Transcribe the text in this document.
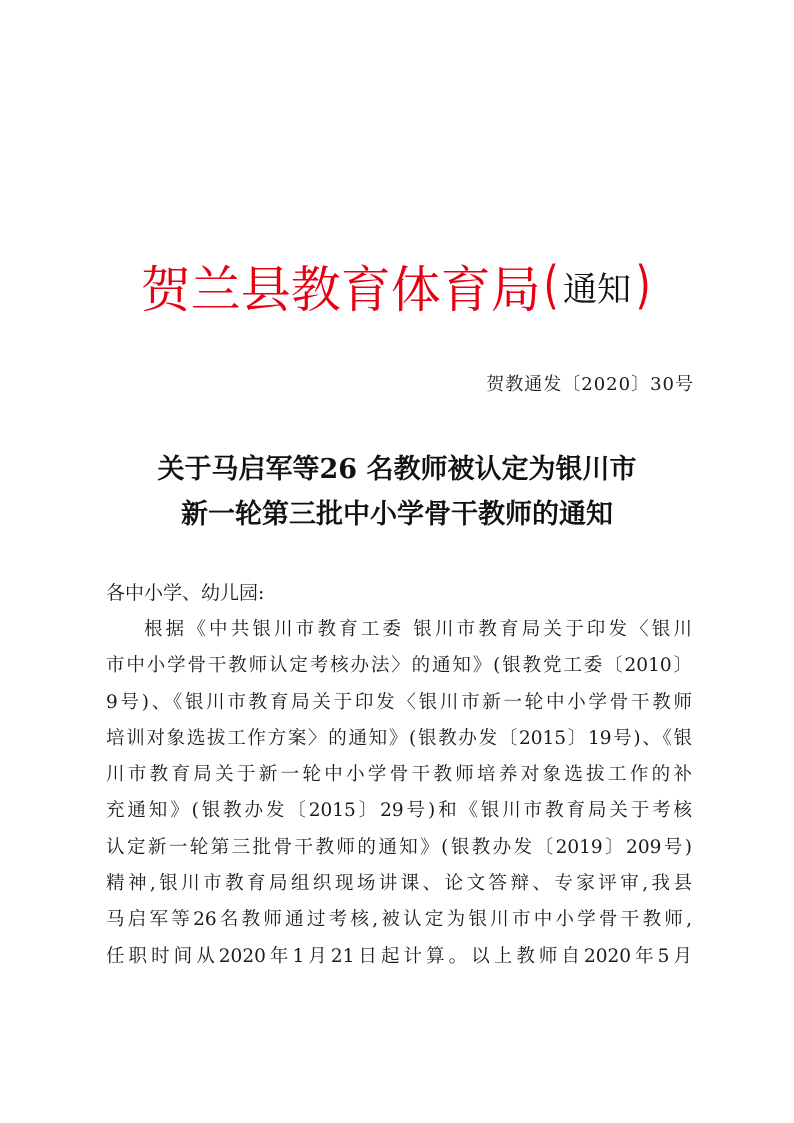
贺兰县教育体育局( 通知)
贺教通发〔2020〕30号
关于马启军等26 名教师被认定为银川市
新一轮第三批中小学骨干教师的通知
各中小学、幼儿园:
根据《中共银川市教育工委 银川市教育局关于印发〈银川
市中小学骨干教师认定考核办法〉的通知》(银教党工委〔2010〕
9号)、《银川市教育局关于印发〈银川市新一轮中小学骨干教师
培训对象选拔工作方案〉的通知》(银教办发〔2015〕19号)、《银
川市教育局关于新一轮中小学骨干教师培养对象选拔工作的补
充通知》(银教办发〔2015〕29号)和《银川市教育局关于考核
认定新一轮第三批骨干教师的通知》(银教办发〔2019〕209号)
精神,银川市教育局组织现场讲课、论文答辩、专家评审,我县
马启军等26名教师通过考核,被认定为银川市中小学骨干教师,
任职时间从2020年1月21日起计算。以上教师自2020年5月
